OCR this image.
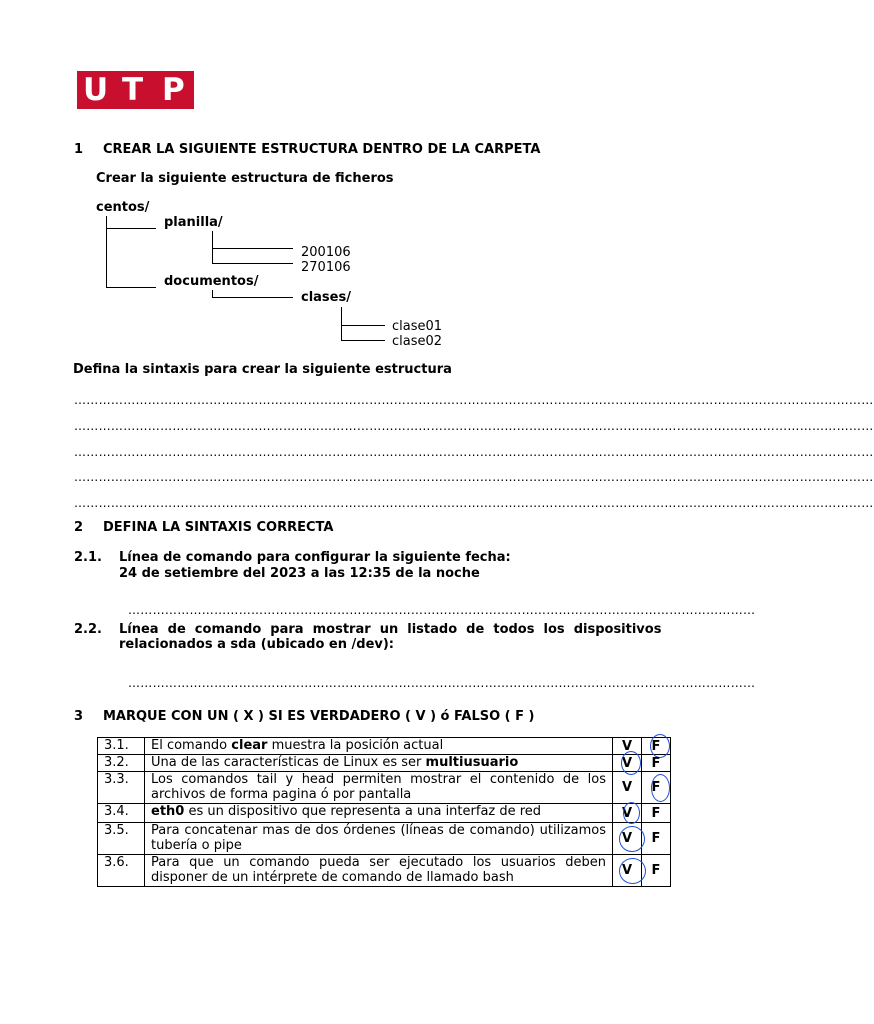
U T P
1 CREAR LA SIGUIENTE ESTRUCTURA DENTRO DE LA CARPETA
Crear la siguiente estructura de ficheros
centos/
planilla/
200106
270106
documentos/
clases/
clase01
clase02
Defina la sintaxis para crear la siguiente estructura
……………………………………………………………………………………………………………………………………………………………………………
……………………………………………………………………………………………………………………………………………………………………………
……………………………………………………………………………………………………………………………………………………………………………
……………………………………………………………………………………………………………………………………………………………………………
……………………………………………………………………………………………………………………………………………………………………………
2 DEFINA LA SINTAXIS CORRECTA
2.1. Línea de comando para configurar la siguiente fecha:
24 de setiembre del 2023 a las 12:35 de la noche
………………………………………………………………………………………………………………………………………
2.2. Línea  de  comando  para  mostrar  un  listado  de  todos  los  dispositivos
relacionados a sda (ubicado en /dev):
………………………………………………………………………………………………………………………………………
3 MARQUE CON UN ( X ) SI ES VERDADERO ( V ) ó FALSO ( F )
3.1.	El comando clear muestra la posición actual	V	F

3.2.	Una de las características de Linux es ser multiusuario	V	F
3.3.	Los comandos tail y head permiten mostrar el contenido de los archivos de forma pagina ó por pantalla	V	F

3.4.	eth0 es un dispositivo que representa a una interfaz de red	V	F
3.5.	Para concatenar mas de dos órdenes (líneas de comando) utilizamos tubería o pipe	V	F
3.6.	Para que un comando pueda ser ejecutado los usuarios deben disponer de un intérprete de comando de llamado bash	V	F
